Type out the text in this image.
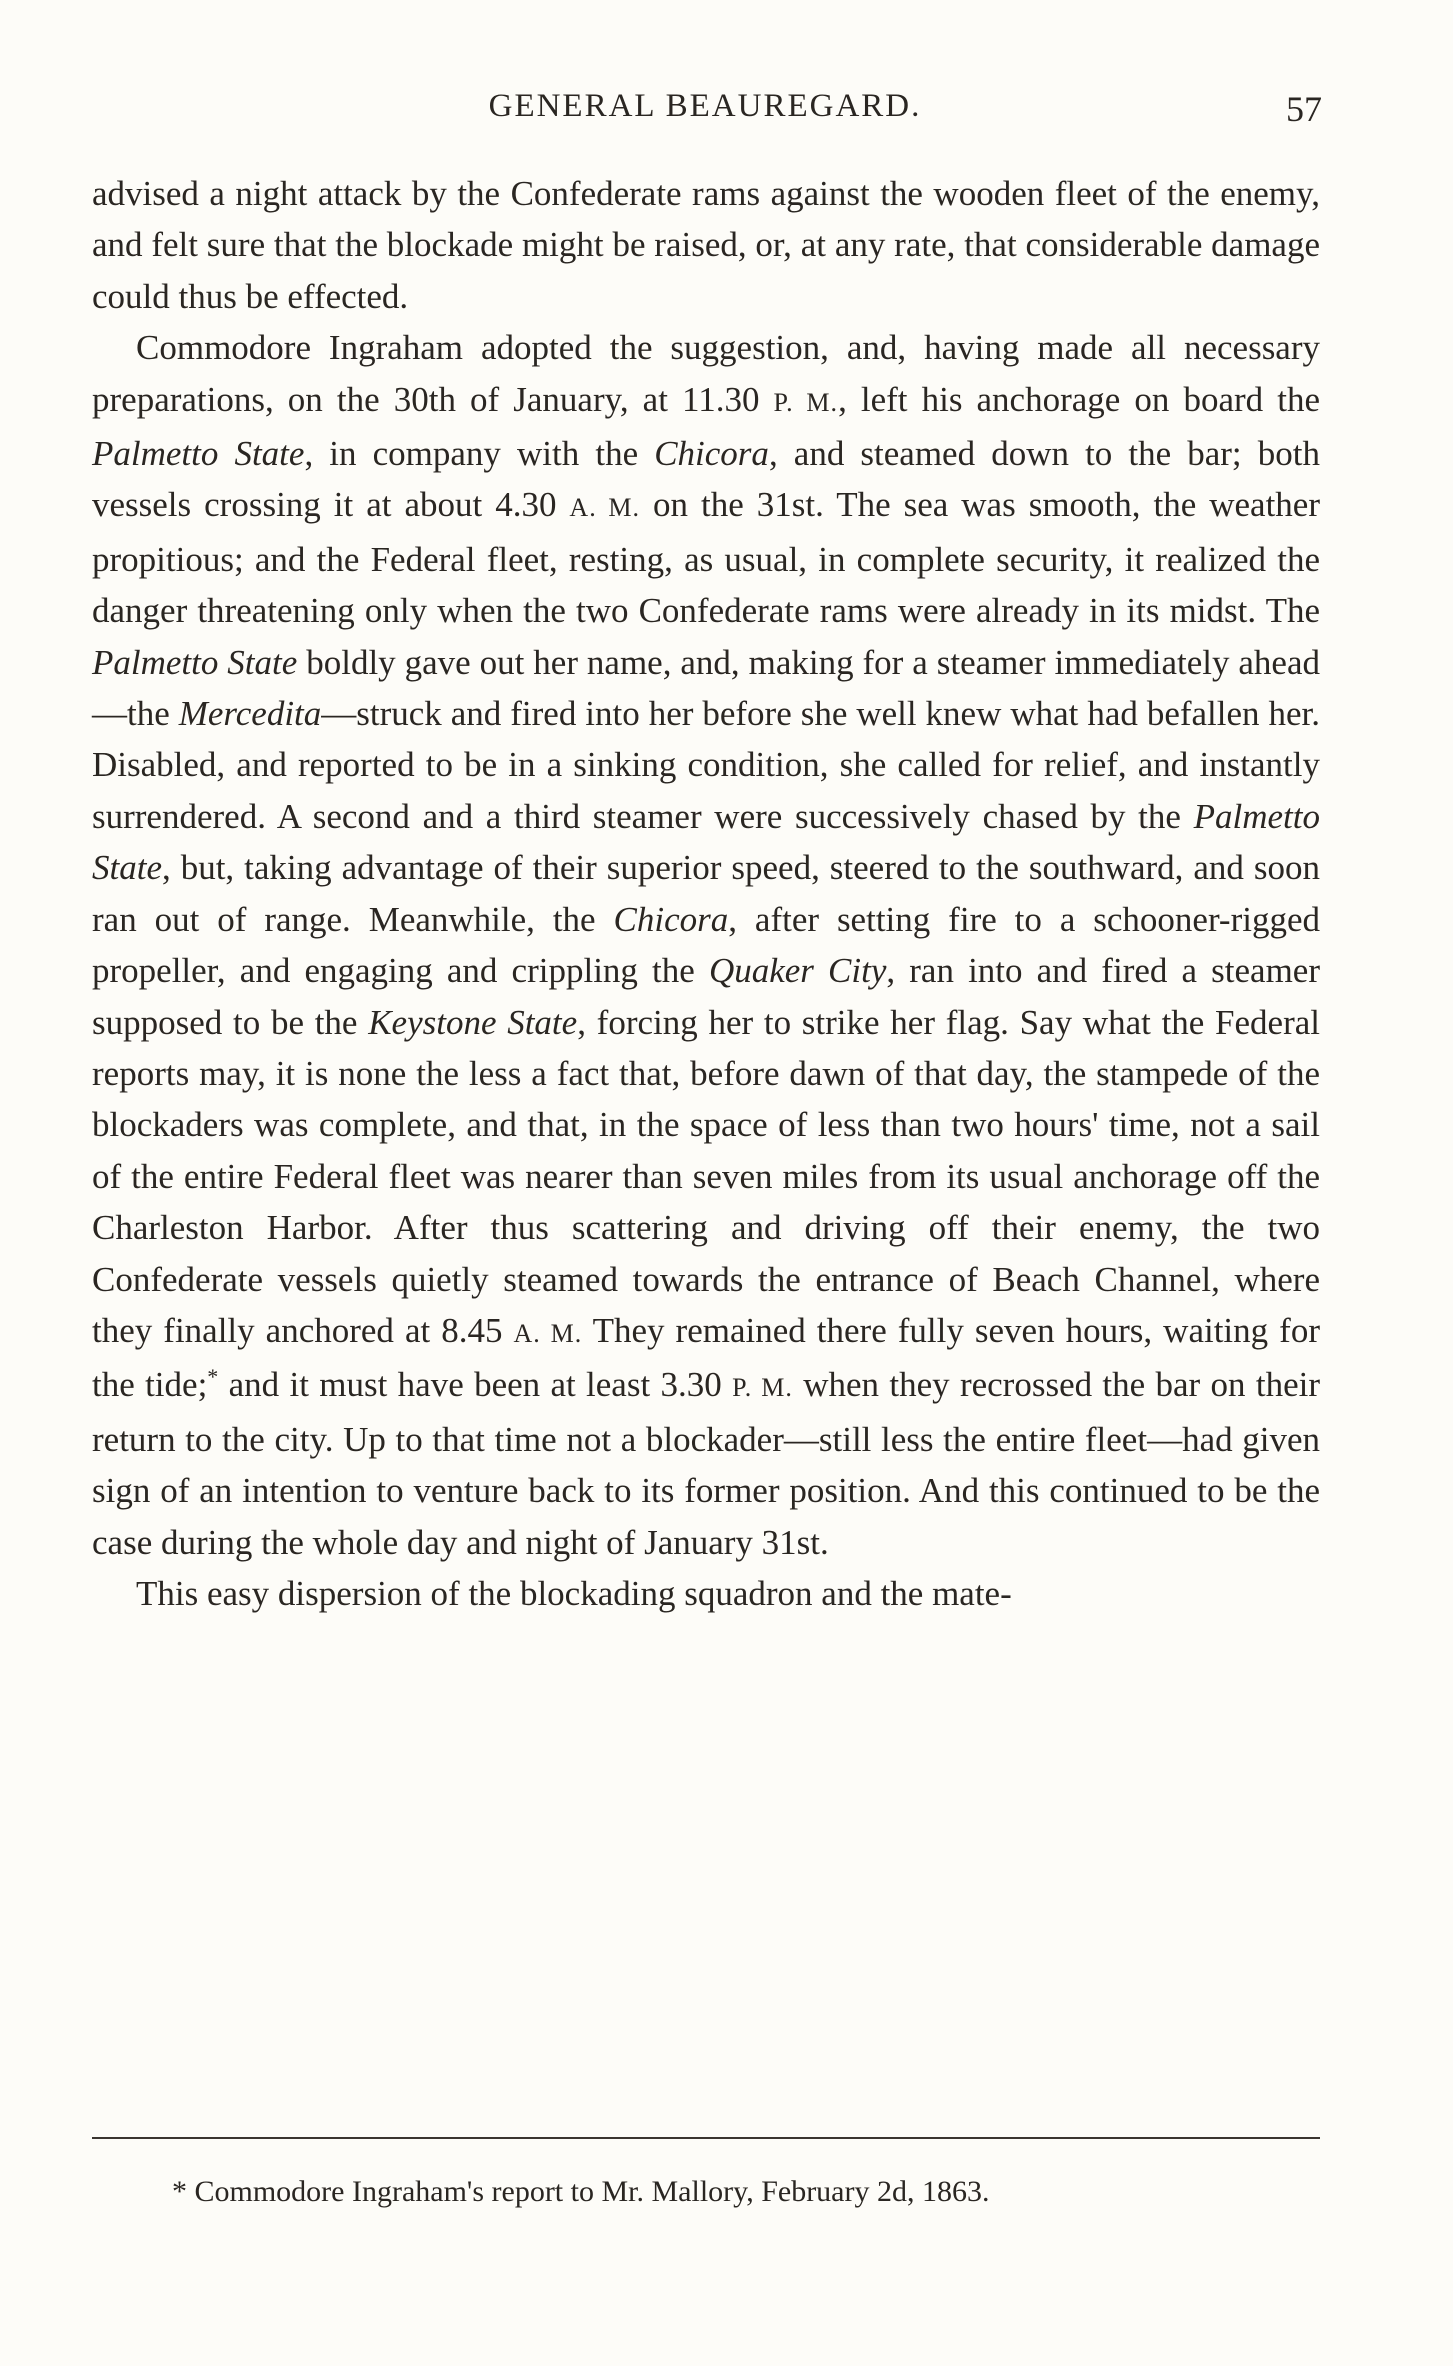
GENERAL BEAUREGARD.	57

advised a night attack by the Confederate rams against the wooden fleet of the enemy, and felt sure that the blockade might be raised, or, at any rate, that considerable damage could thus be effected.

Commodore Ingraham adopted the suggestion, and, having made all necessary preparations, on the 30th of January, at 11.30 P. M., left his anchorage on board the Palmetto State, in company with the Chicora, and steamed down to the bar; both vessels crossing it at about 4.30 A. M. on the 31st. The sea was smooth, the weather propitious; and the Federal fleet, resting, as usual, in complete security, it realized the danger threatening only when the two Confederate rams were already in its midst. The Palmetto State boldly gave out her name, and, making for a steamer immediately ahead—the Mercedita—struck and fired into her before she well knew what had befallen her. Disabled, and reported to be in a sinking condition, she called for relief, and instantly surrendered. A second and a third steamer were successively chased by the Palmetto State, but, taking advantage of their superior speed, steered to the southward, and soon ran out of range. Meanwhile, the Chicora, after setting fire to a schooner-rigged propeller, and engaging and crippling the Quaker City, ran into and fired a steamer supposed to be the Keystone State, forcing her to strike her flag. Say what the Federal reports may, it is none the less a fact that, before dawn of that day, the stampede of the blockaders was complete, and that, in the space of less than two hours' time, not a sail of the entire Federal fleet was nearer than seven miles from its usual anchorage off the Charleston Harbor. After thus scattering and driving off their enemy, the two Confederate vessels quietly steamed towards the entrance of Beach Channel, where they finally anchored at 8.45 A. M. They remained there fully seven hours, waiting for the tide;* and it must have been at least 3.30 P. M. when they recrossed the bar on their return to the city. Up to that time not a blockader—still less the entire fleet—had given sign of an intention to venture back to its former position. And this continued to be the case during the whole day and night of January 31st.

This easy dispersion of the blockading squadron and the mate-

* Commodore Ingraham's report to Mr. Mallory, February 2d, 1863.
